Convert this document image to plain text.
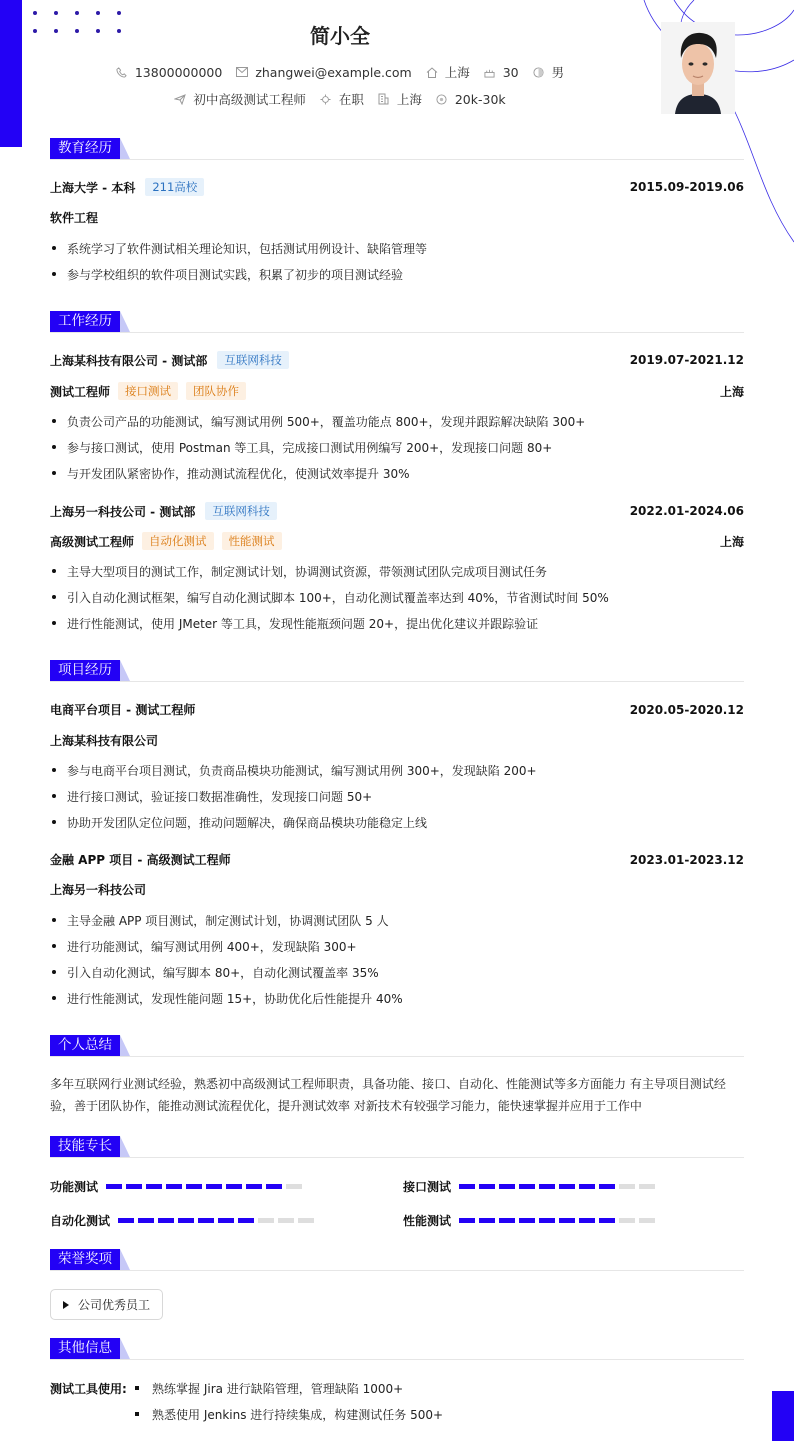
简小全
13800000000	zhangwei@example.com	上海	30	男
初中高级测试工程师	在职	上海	20k-30k
教育经历
上海大学 - 本科	211高校	2015.09-2019.06
软件工程
系统学习了软件测试相关理论知识，包括测试用例设计、缺陷管理等
参与学校组织的软件项目测试实践，积累了初步的项目测试经验
工作经历
上海某科技有限公司 - 测试部	互联网科技	2019.07-2021.12
测试工程师	接口测试	团队协作	上海
负责公司产品的功能测试，编写测试用例 500+，覆盖功能点 800+，发现并跟踪解决缺陷 300+
参与接口测试，使用 Postman 等工具，完成接口测试用例编写 200+，发现接口问题 80+
与开发团队紧密协作，推动测试流程优化，使测试效率提升 30%
上海另一科技公司 - 测试部	互联网科技	2022.01-2024.06
高级测试工程师	自动化测试	性能测试	上海
主导大型项目的测试工作，制定测试计划，协调测试资源，带领测试团队完成项目测试任务
引入自动化测试框架，编写自动化测试脚本 100+，自动化测试覆盖率达到 40%，节省测试时间 50%
进行性能测试，使用 JMeter 等工具，发现性能瓶颈问题 20+，提出优化建议并跟踪验证
项目经历
电商平台项目 - 测试工程师	2020.05-2020.12
上海某科技有限公司
参与电商平台项目测试，负责商品模块功能测试，编写测试用例 300+，发现缺陷 200+
进行接口测试，验证接口数据准确性，发现接口问题 50+
协助开发团队定位问题，推动问题解决，确保商品模块功能稳定上线
金融 APP 项目 - 高级测试工程师	2023.01-2023.12
上海另一科技公司
主导金融 APP 项目测试，制定测试计划，协调测试团队 5 人
进行功能测试，编写测试用例 400+，发现缺陷 300+
引入自动化测试，编写脚本 80+，自动化测试覆盖率 35%
进行性能测试，发现性能问题 15+，协助优化后性能提升 40%
个人总结
多年互联网行业测试经验，熟悉初中高级测试工程师职责，具备功能、接口、自动化、性能测试等多方面能力 有主导项目测试经
验，善于团队协作，能推动测试流程优化，提升测试效率 对新技术有较强学习能力，能快速掌握并应用于工作中
技能专长
功能测试	接口测试
自动化测试	性能测试
荣誉奖项
公司优秀员工
其他信息
测试工具使用:	熟练掌握 Jira 进行缺陷管理，管理缺陷 1000+
熟悉使用 Jenkins 进行持续集成，构建测试任务 500+
